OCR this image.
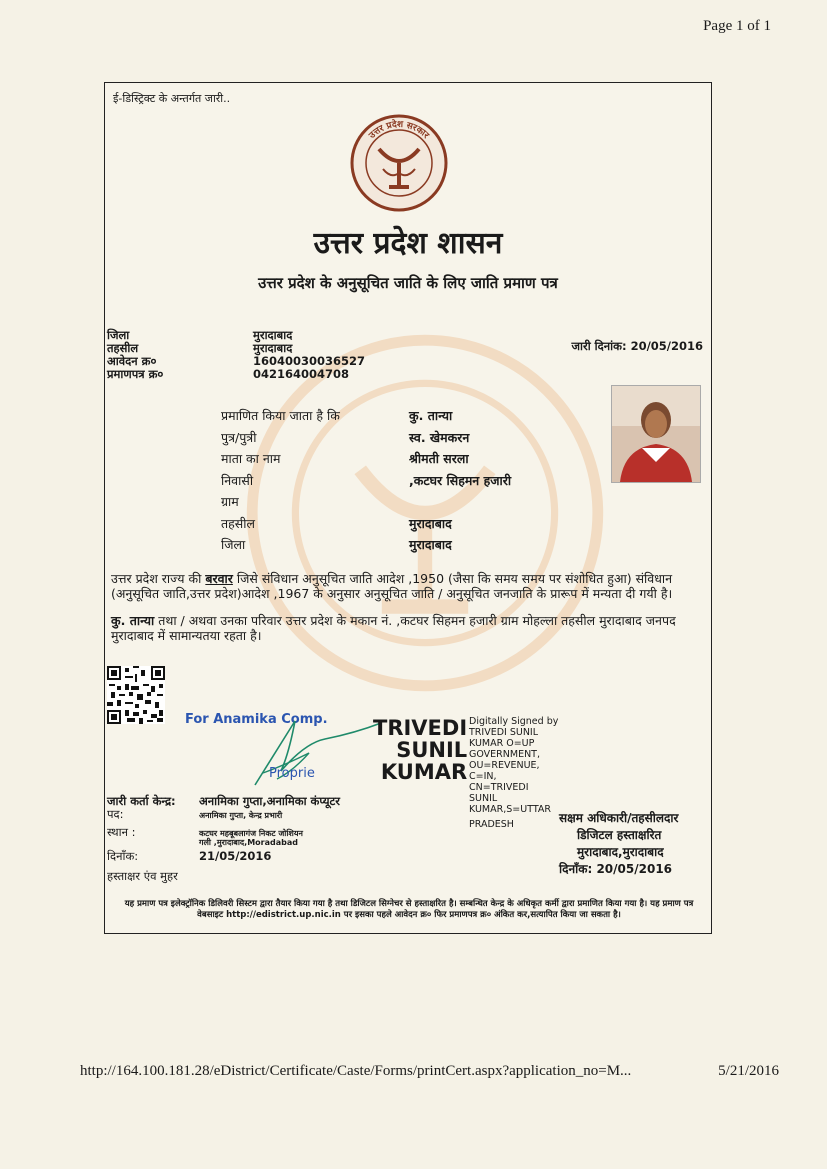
Page 1 of 1
ई-डिस्ट्रिक्ट के अन्तर्गत जारी..
उत्तर प्रदेश सरकार
उत्तर प्रदेश शासन
उत्तर प्रदेश के अनुसूचित जाति के लिए जाति प्रमाण पत्र
जिला	मुरादाबाद
तहसील	मुरादाबाद
आवेदन क्र०	16040030036527
प्रमाणपत्र क्र०	042164004708
जारी दिनांक: 20/05/2016
प्रमाणित किया जाता है कि	कु. तान्या
पुत्र/पुत्री	स्व. खेमकरन
माता का नाम	श्रीमती सरला
निवासी	,कटघर सिहमन हजारी
ग्राम
तहसील	मुरादाबाद
जिला	मुरादाबाद
उत्तर प्रदेश राज्य की बरवार जिसे संविधान अनुसूचित जाति आदेश ,1950 (जैसा कि समय समय पर संशोधित हुआ) संविधान (अनुसूचित जाति,उत्तर प्रदेश)आदेश ,1967 के अनुसार अनुसूचित जाति / अनुसूचित जनजाति के प्रारूप में मन्यता दी गयी है।
कु. तान्या तथा / अथवा उनका परिवार उत्तर प्रदेश के मकान नं. ,कटघर सिहमन हजारी ग्राम मोहल्ला तहसील मुरादाबाद जनपद मुरादाबाद में सामान्यतया रहता है।
For Anamika Comp.
Proprie
TRIVEDI
SUNIL
KUMAR
Digitally Signed by
TRIVEDI SUNIL
KUMAR O=UP
GOVERNMENT,
OU=REVENUE,
C=IN,
CN=TRIVEDI
SUNIL
KUMAR,S=UTTAR
PRADESH
जारी कर्ता केन्द्र:	अनामिका गुप्ता,अनामिका कंप्यूटर
पद:	अनामिका गुप्ता, केन्द्र प्रभारी
स्थान :	कटघर महबूबलागंज निकट जोशियन
गली ,मुरादाबाद,Moradabad
दिनाँक:	21/05/2016
हस्ताक्षर एंव मुहर
सक्षम अधिकारी/तहसीलदार
डिजिटल हस्ताक्षरित
मुरादाबाद,मुरादाबाद
दिनाँक: 20/05/2016
यह प्रमाण पत्र इलेक्ट्रॉनिक डिलिवरी सिस्टम द्वारा तैयार किया गया है तथा डिजिटल सिग्नेचर से हस्ताक्षरित है। सम्बन्धित केन्द्र के अधिकृत कर्मी द्वारा प्रमाणित किया गया है। यह प्रमाण पत्र वेबसाइट http://edistrict.up.nic.in पर इसका पहले आवेदन क्र० फिर प्रमाणपत्र क्र० अंकित कर,सत्यापित किया जा सकता है।
http://164.100.181.28/eDistrict/Certificate/Caste/Forms/printCert.aspx?application_no=M...	5/21/2016
